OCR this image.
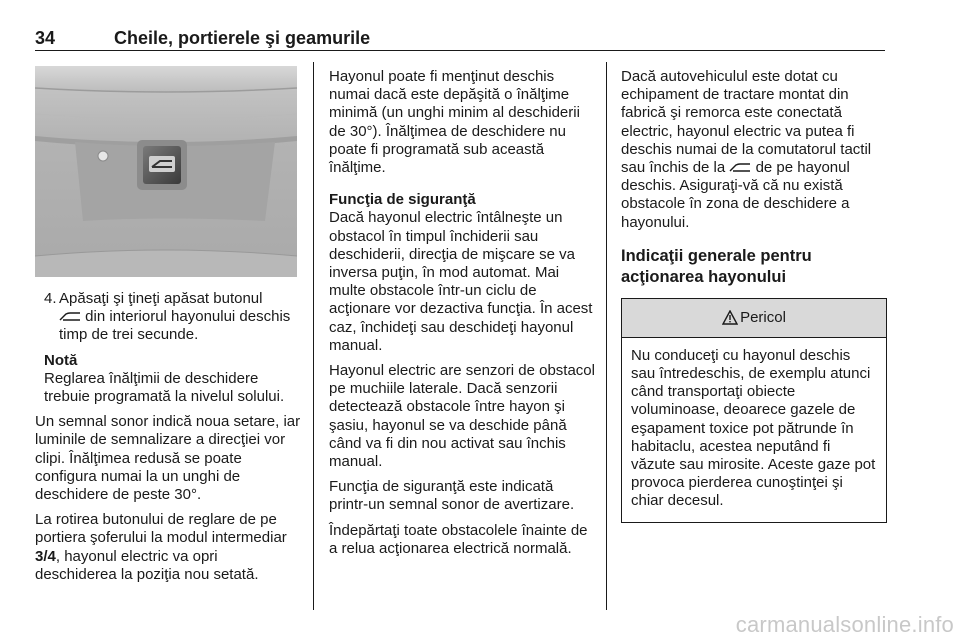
34	Cheile, portierele şi geamurile
4. Apăsaţi şi ţineţi apăsat butonul
din interiorul hayonului deschis timp de trei secunde.
Notă

Reglarea înălţimii de deschidere trebuie programată la nivelul solului.

Un semnal sonor indică noua setare, iar luminile de semnalizare a direcţiei vor clipi. Înălţimea redusă se poate configura numai la un unghi de deschidere de peste 30°.

La rotirea butonului de reglare de pe portiera şoferului la modul intermediar 3/4, hayonul electric va opri deschiderea la poziţia nou setată.

Hayonul poate fi menţinut deschis numai dacă este depăşită o înălţime minimă (un unghi minim al deschiderii de 30°). Înălţimea de deschidere nu poate fi programată sub această înălţime.

Funcţia de siguranţă

Dacă hayonul electric întâlneşte un obstacol în timpul închiderii sau deschiderii, direcţia de mişcare se va inversa puţin, în mod automat. Mai multe obstacole într-un ciclu de acţionare vor dezactiva funcţia. În acest caz, închideţi sau deschideţi hayonul manual.

Hayonul electric are senzori de obstacol pe muchiile laterale. Dacă senzorii detectează obstacole între hayon şi şasiu, hayonul se va deschide până când va fi din nou activat sau închis manual.

Funcţia de siguranţă este indicată printr-un semnal sonor de avertizare.

Îndepărtaţi toate obstacolele înainte de a relua acţionarea electrică normală.

Dacă autovehiculul este dotat cu echipament de tractare montat din fabrică şi remorca este conectată electric, hayonul electric va putea fi deschis numai de la comutatorul tactil sau închis de la de pe hayonul deschis. Asiguraţi-vă că nu există obstacole în zona de deschidere a hayonului.

Indicaţii generale pentru acţionarea hayonului
Pericol
Nu conduceţi cu hayonul deschis sau întredeschis, de exemplu atunci când transportaţi obiecte voluminoase, deoarece gazele de eşapament toxice pot pătrunde în habitaclu, acestea neputând fi văzute sau mirosite. Aceste gaze pot provoca pierderea cunoştinţei şi chiar decesul.
carmanualsonline.info
